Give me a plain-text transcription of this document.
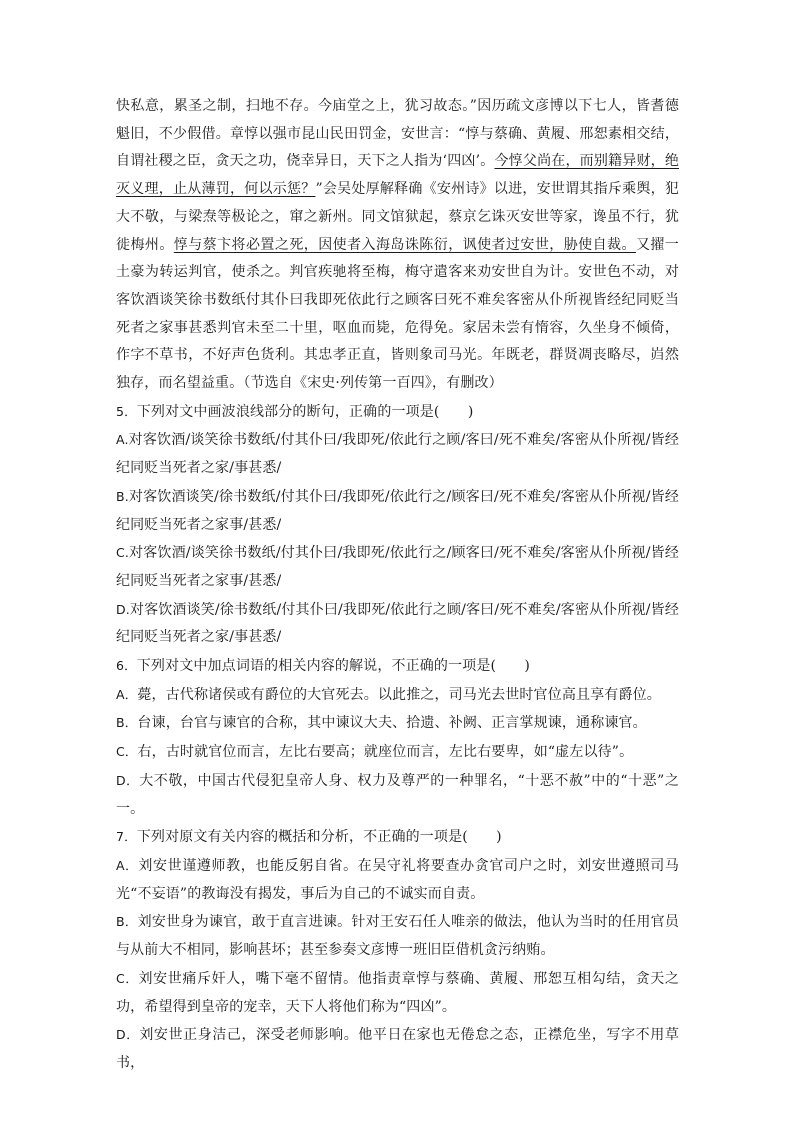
快私意，累圣之制，扫地不存。今庙堂之上，犹习故态。”因历疏文彦博以下七人，皆耆德魁旧，不少假借。章惇以强市昆山民田罚金，安世言：“惇与蔡确、黄履、邢恕素相交结，自谓社稷之臣，贪天之功，侥幸异日，天下之人指为‘四凶’。今惇父尚在，而别籍异财，绝灭义理，止从薄罚，何以示惩？”会吴处厚解释确《安州诗》以进，安世谓其指斥乘舆，犯大不敬，与梁焘等极论之，窜之新州。同文馆狱起，蔡京乞诛灭安世等家，谗虽不行，犹徙梅州。惇与蔡卞将必置之死，因使者入海岛诛陈衍，讽使者过安世，胁使自裁。又擢一土豪为转运判官，使杀之。判官疾驰将至梅，梅守遣客来劝安世自为计。安世色不动，对客饮酒谈笑徐书数纸付其仆曰我即死依此行之顾客曰死不难矣客密从仆所视皆经纪同贬当死者之家事甚悉判官未至二十里，呕血而毙，危得免。家居未尝有惰容，久坐身不倾倚，作字不草书，不好声色货利。其忠孝正直，皆则象司马光。年既老，群贤凋丧略尽，岿然独存，而名望益重。（节选自《宋史·列传第一百四》，有删改）

5．下列对文中画波浪线部分的断句，正确的一项是(　　)

A.对客饮酒/谈笑徐书数纸/付其仆曰/我即死/依此行之顾/客曰/死不难矣/客密从仆所视/皆经纪同贬当死者之家/事甚悉/

B.对客饮酒谈笑/徐书数纸/付其仆曰/我即死/依此行之/顾客曰/死不难矣/客密从仆所视/皆经纪同贬当死者之家事/甚悉/

C.对客饮酒/谈笑徐书数纸/付其仆曰/我即死/依此行之/顾客曰/死不难矣/客密从仆所视/皆经纪同贬当死者之家事/甚悉/

D.对客饮酒谈笑/徐书数纸/付其仆曰/我即死/依此行之顾/客曰/死不难矣/客密从仆所视/皆经纪同贬当死者之家/事甚悉/

6．下列对文中加点词语的相关内容的解说，不正确的一项是(　　)

A．薨，古代称诸侯或有爵位的大官死去。以此推之，司马光去世时官位高且享有爵位。

B．台谏，台官与谏官的合称，其中谏议大夫、拾遗、补阙、正言掌规谏，通称谏官。

C．右，古时就官位而言，左比右要高；就座位而言，左比右要卑，如“虚左以待”。

D．大不敬，中国古代侵犯皇帝人身、权力及尊严的一种罪名，“十恶不赦”中的“十恶”之一。

7．下列对原文有关内容的概括和分析，不正确的一项是(　　)

A．刘安世谨遵师教，也能反躬自省。在吴守礼将要查办贪官司户之时，刘安世遵照司马光“不妄语”的教诲没有揭发，事后为自己的不诚实而自责。

B．刘安世身为谏官，敢于直言进谏。针对王安石任人唯亲的做法，他认为当时的任用官员与从前大不相同，影响甚坏；甚至参奏文彦博一班旧臣借机贪污纳贿。

C．刘安世痛斥奸人，嘴下毫不留情。他指责章惇与蔡确、黄履、邢恕互相勾结，贪天之功，希望得到皇帝的宠幸，天下人将他们称为“四凶”。

D．刘安世正身洁己，深受老师影响。他平日在家也无倦怠之态，正襟危坐，写字不用草书，
